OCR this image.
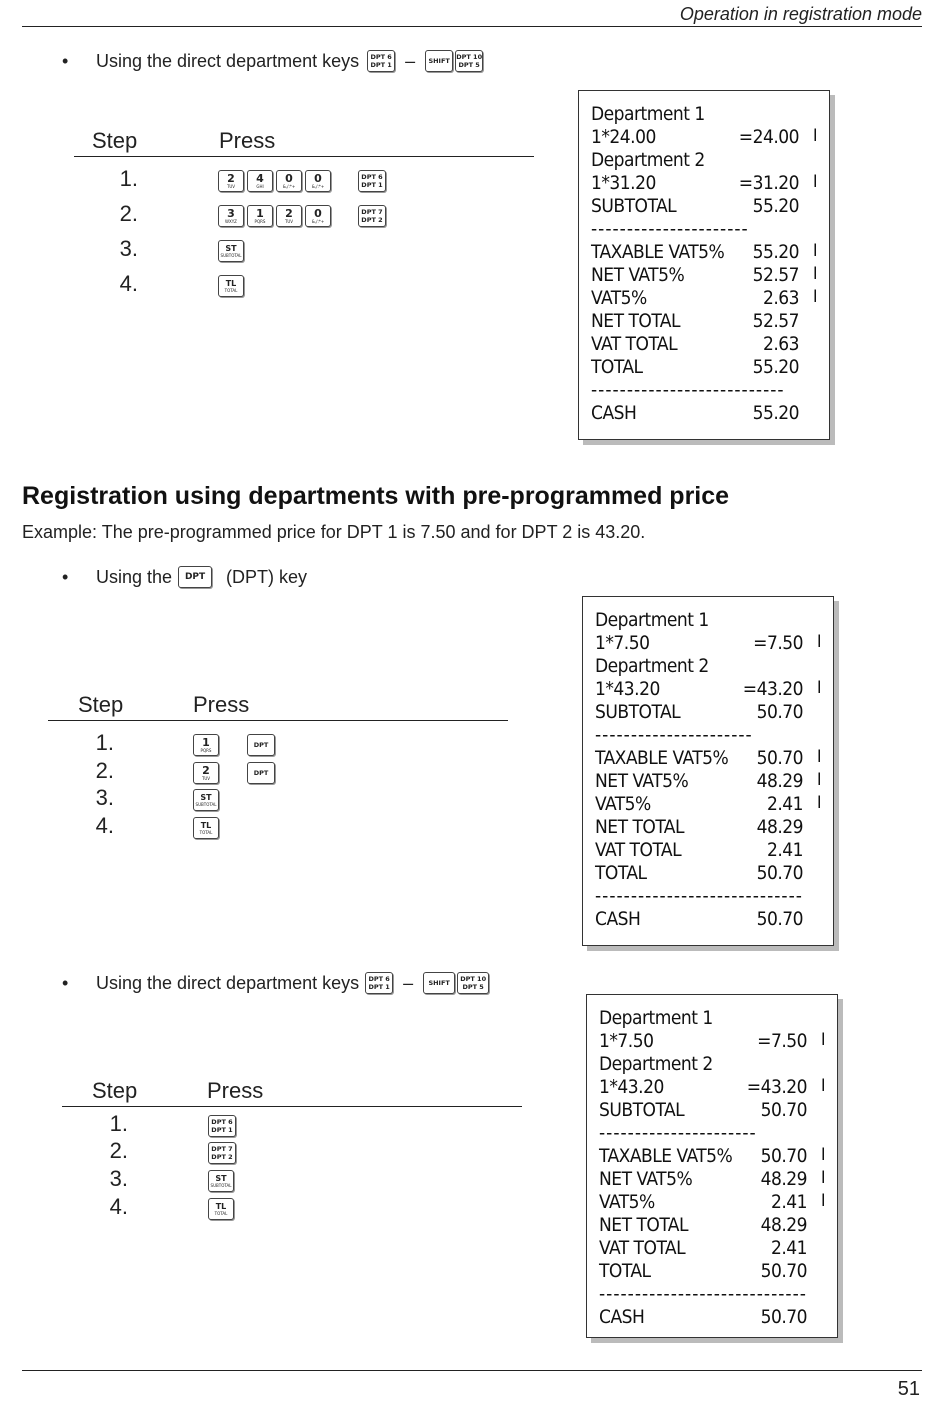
Operation in registration mode
•	Using the direct department keys DPT 6
DPT 1 – SHIFT DPT 10
DPT 5
Step	Press
1.	2
TUV
4
GHI
0
&,/:*+
0
&,/:*+
DPT 6
DPT 1
2.	3
WXYZ
1
PQRS
2
TUV
0
&,/:*+
DPT 7
DPT 2
3.	ST
SUBTOTAL
4.	TL
TOTAL
Department 1
1*24.00	=24.00 I
Department 2
1*31.20	=31.20 I
SUBTOTAL	55.20
----------------------
TAXABLE VAT5% 55.20 I
NET VAT5%	52.57 I
VAT5%	2.63 I
NET TOTAL	52.57
VAT TOTAL	2.63
TOTAL	55.20
---------------------------
CASH	55.20
Registration using departments with pre-programmed price
Example: The pre-programmed price for DPT 1 is 7.50 and for DPT 2 is 43.20.
•	Using the DPT (DPT) key
Step	Press
1.	1
PQRS
DPT
2.	2
TUV
DPT
3.	ST
SUBTOTAL
4.	TL
TOTAL
Department 1
1*7.50	=7.50 I
Department 2
1*43.20	=43.20 I
SUBTOTAL	50.70
----------------------
TAXABLE VAT5% 50.70 I
NET VAT5%	48.29 I
VAT5%	2.41 I
NET TOTAL	48.29
VAT TOTAL	2.41
TOTAL	50.70
-----------------------------
CASH	50.70
•	Using the direct department keys DPT 6
DPT 1 – SHIFT DPT 10
DPT 5
Step	Press
1.	DPT 6
DPT 1
2.	DPT 7
DPT 2
3.	ST
SUBTOTAL
4.	TL
TOTAL
Department 1
1*7.50	=7.50 I
Department 2
1*43.20	=43.20 I
SUBTOTAL	50.70
----------------------
TAXABLE VAT5% 50.70 I
NET VAT5%	48.29 I
VAT5%	2.41 I
NET TOTAL	48.29
VAT TOTAL	2.41
TOTAL	50.70
-----------------------------
CASH	50.70
51
